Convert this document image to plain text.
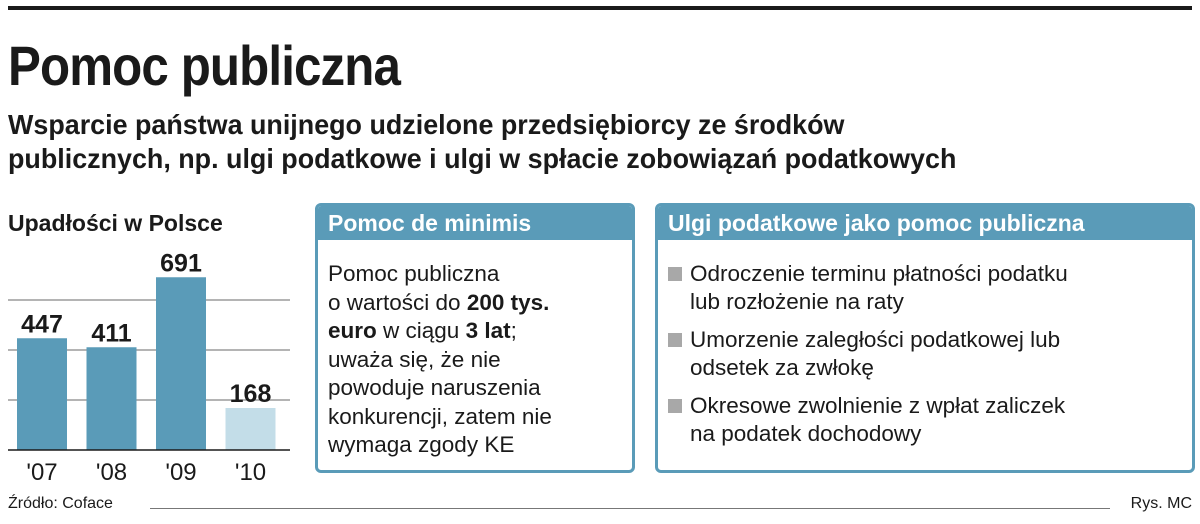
Pomoc publiczna
Wsparcie państwa unijnego udzielone przedsiębiorcy ze środków
publicznych, np. ulgi podatkowe i ulgi w spłacie zobowiązań podatkowych
Upadłości w Polsce
447
'07
411
'08
691
'09
168
'10
Pomoc de minimis
Pomoc publiczna
o wartości do 200 tys.
euro w ciągu 3 lat;
uważa się, że nie
powoduje naruszenia
konkurencji, zatem nie
wymaga zgody KE
Ulgi podatkowe jako pomoc publiczna
Odroczenie terminu płatności podatku
lub rozłożenie na raty
Umorzenie zaległości podatkowej lub
odsetek za zwłokę
Okresowe zwolnienie z wpłat zaliczek
na podatek dochodowy
Źródło: Coface	Rys. MC
